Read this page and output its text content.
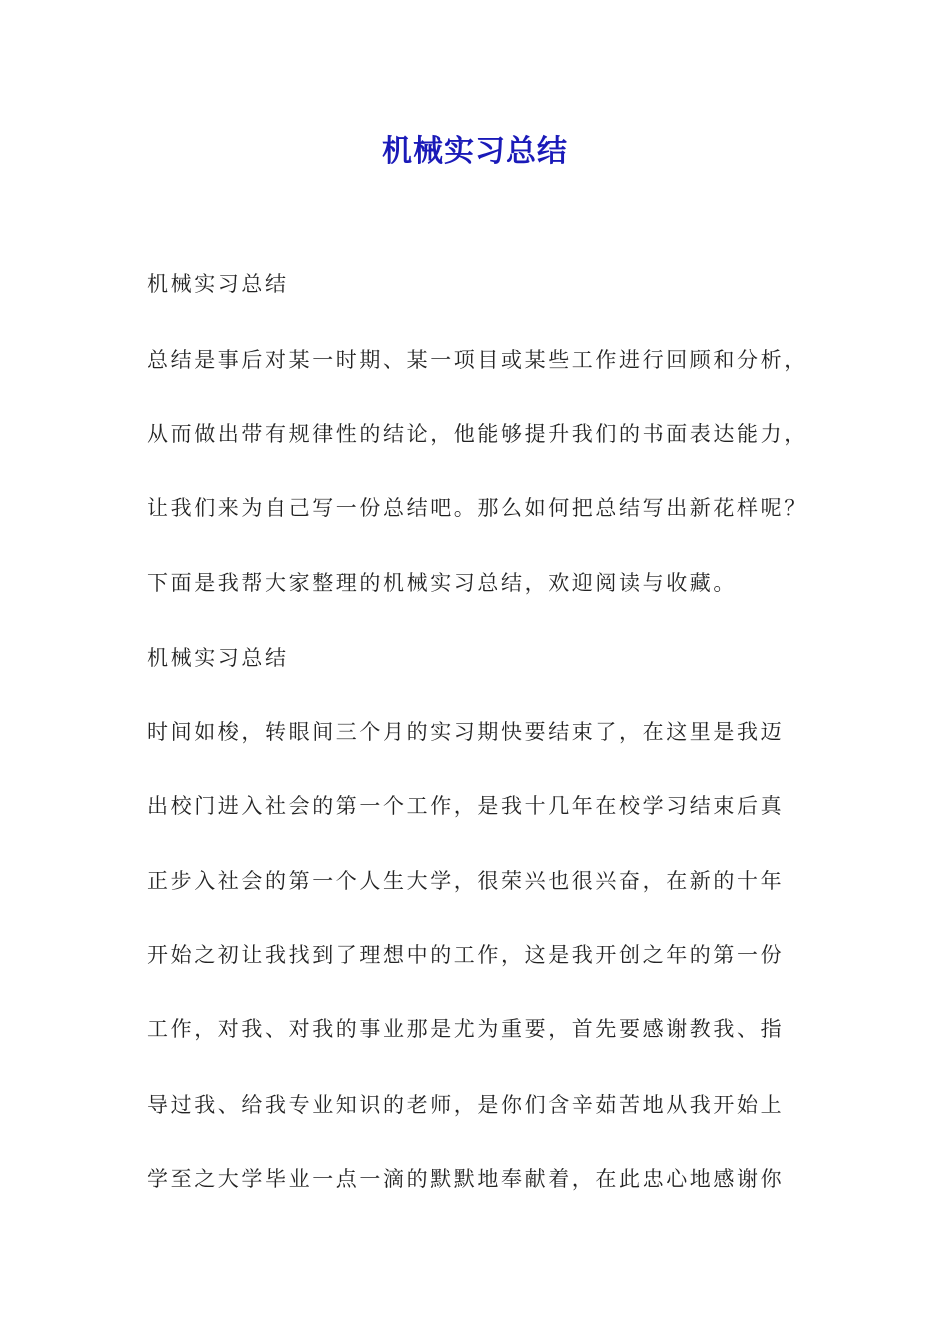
机械实习总结

机械实习总结

总结是事后对某一时期、某一项目或某些工作进行回顾和分析，

从而做出带有规律性的结论，他能够提升我们的书面表达能力，

让我们来为自己写一份总结吧。那么如何把总结写出新花样呢？

下面是我帮大家整理的机械实习总结，欢迎阅读与收藏。

机械实习总结

时间如梭，转眼间三个月的实习期快要结束了，在这里是我迈

出校门进入社会的第一个工作，是我十几年在校学习结束后真

正步入社会的第一个人生大学，很荣兴也很兴奋，在新的十年

开始之初让我找到了理想中的工作，这是我开创之年的第一份

工作，对我、对我的事业那是尤为重要，首先要感谢教我、指

导过我、给我专业知识的老师，是你们含辛茹苦地从我开始上

学至之大学毕业一点一滴的默默地奉献着，在此忠心地感谢你
